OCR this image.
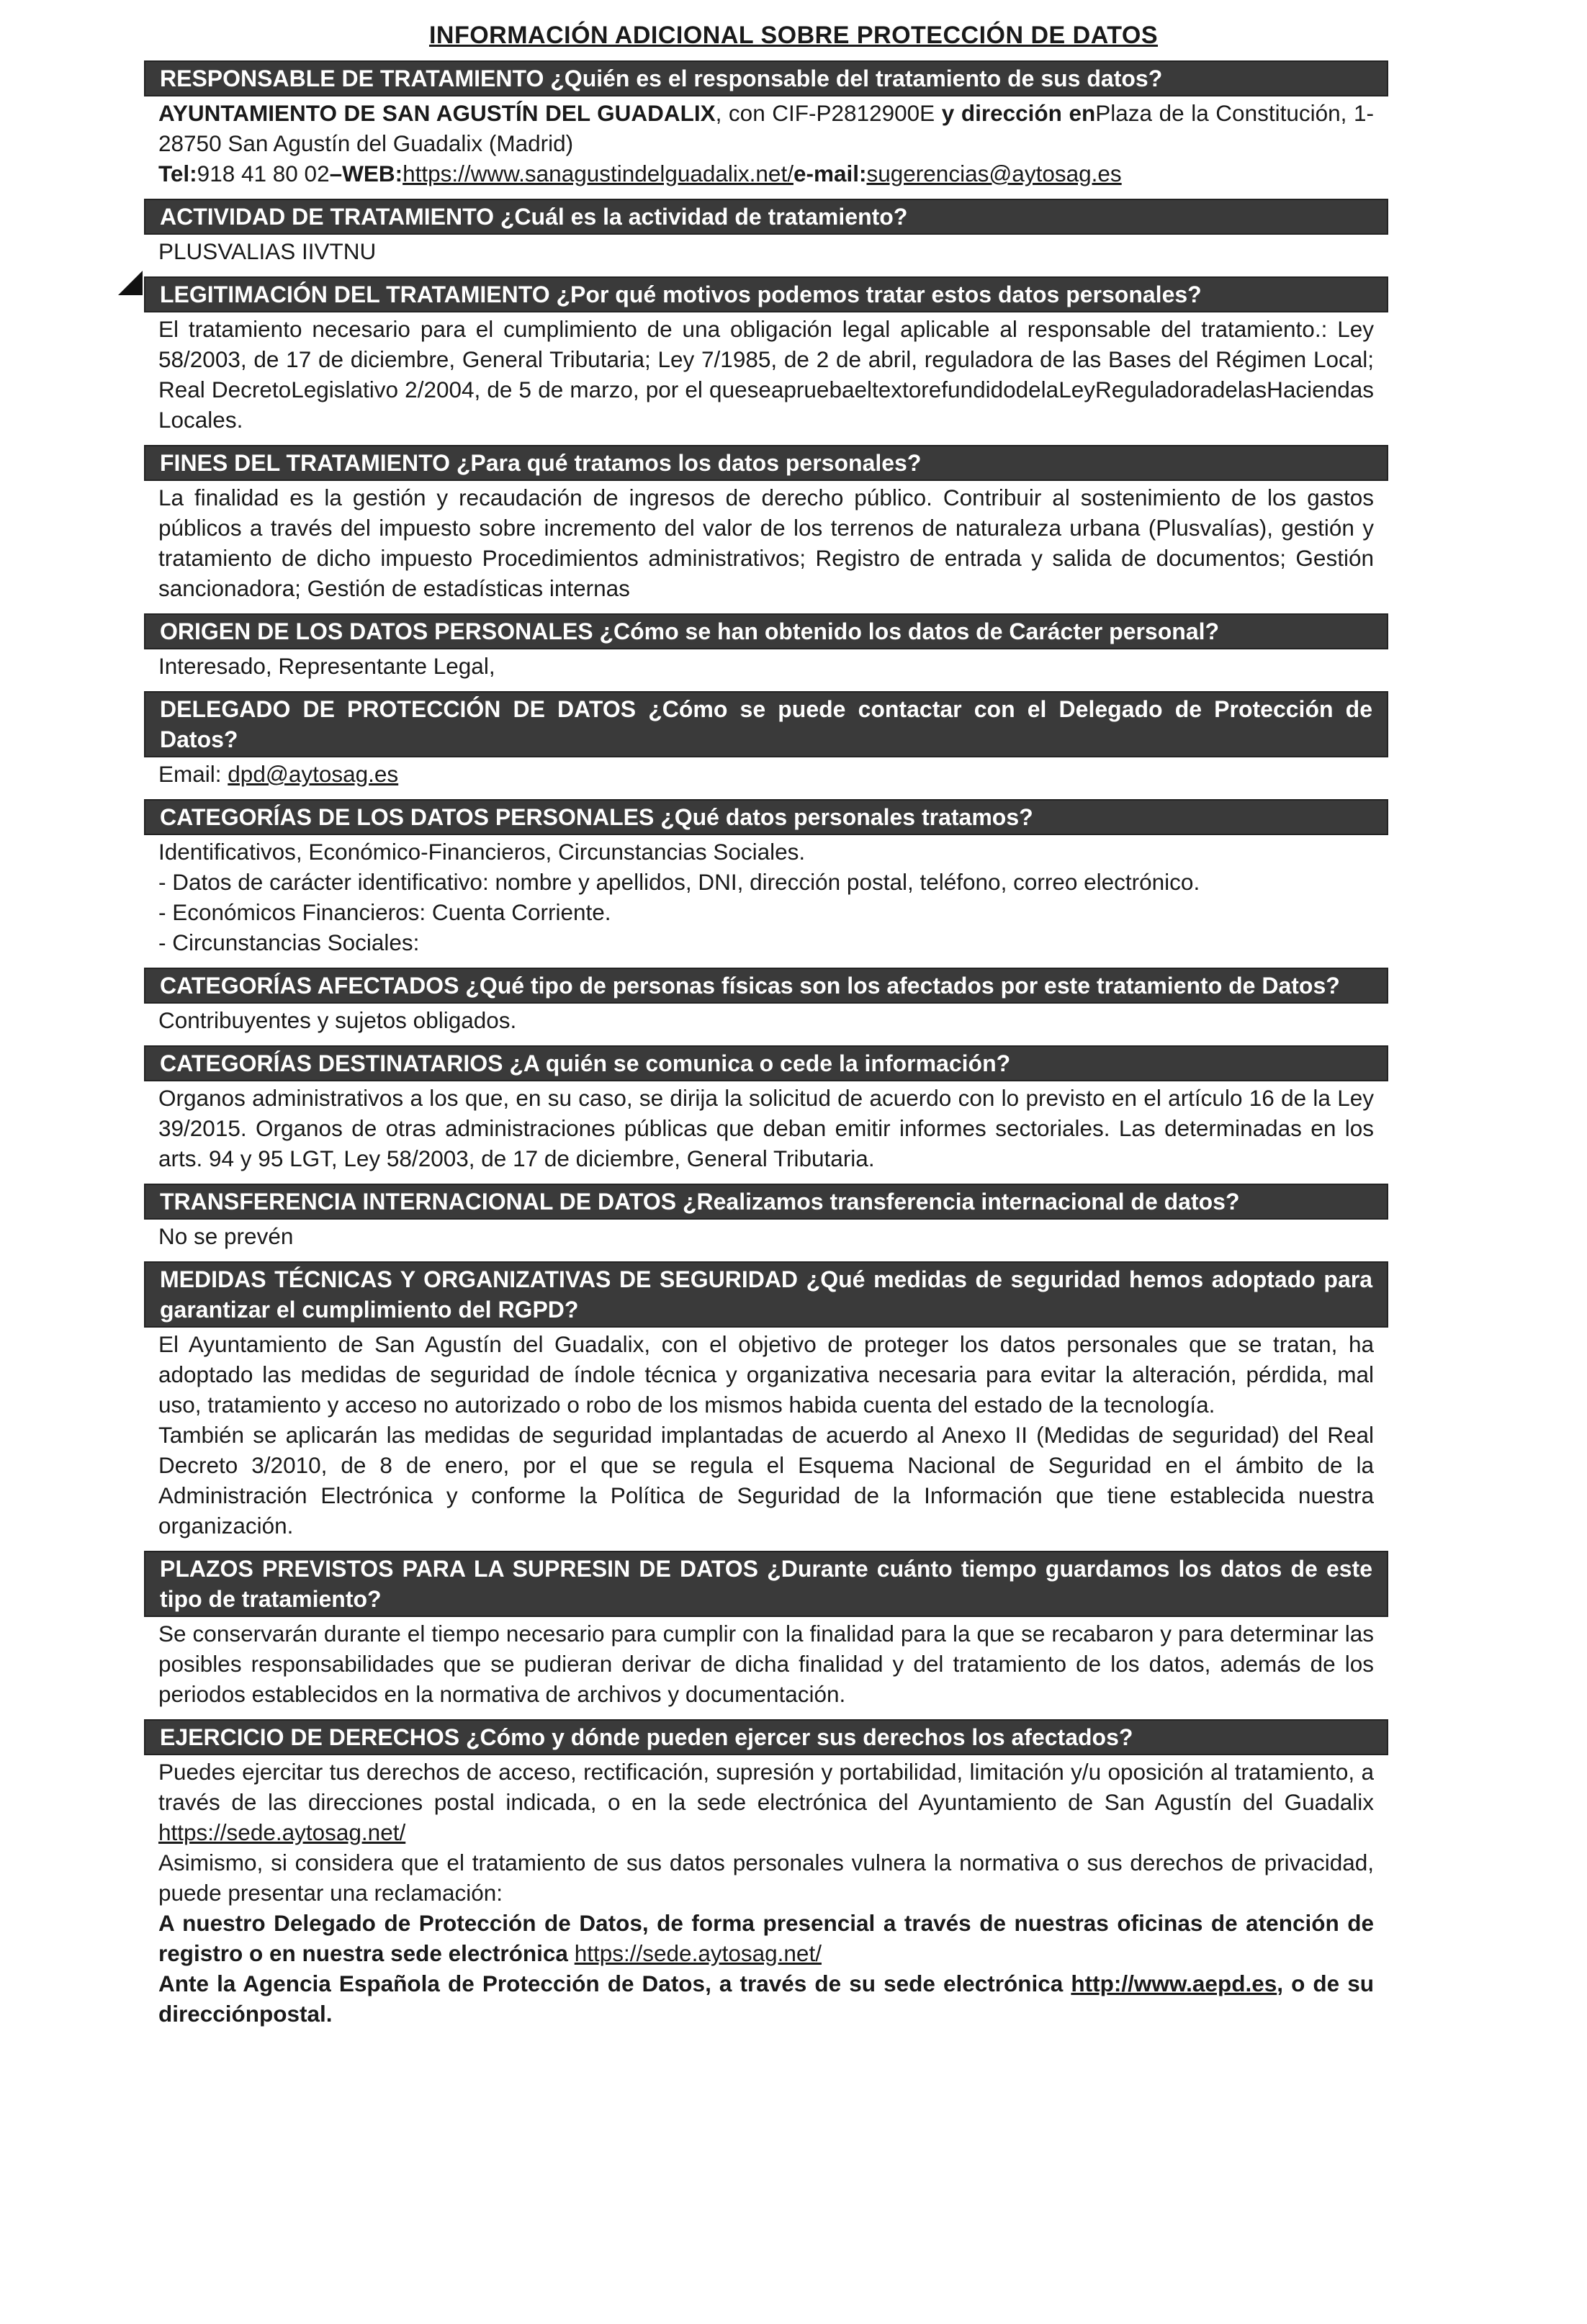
INFORMACIÓN ADICIONAL SOBRE PROTECCIÓN DE DATOS
RESPONSABLE DE TRATAMIENTO ¿Quién es el responsable del tratamiento de sus datos?

AYUNTAMIENTO DE SAN AGUSTÍN DEL GUADALIX, con CIF-P2812900E y dirección enPlaza de la Constitución, 1- 28750 San Agustín del Guadalix (Madrid)

Tel:918 41 80 02–WEB:https://www.sanagustindelguadalix.net/e-mail:sugerencias@aytosag.es

ACTIVIDAD DE TRATAMIENTO ¿Cuál es la actividad de tratamiento?

PLUSVALIAS IIVTNU

LEGITIMACIÓN DEL TRATAMIENTO ¿Por qué motivos podemos tratar estos datos personales?

El tratamiento necesario para el cumplimiento de una obligación legal aplicable al responsable del tratamiento.: Ley 58/2003, de 17 de diciembre, General Tributaria; Ley 7/1985, de 2 de abril, reguladora de las Bases del Régimen Local; Real DecretoLegislativo 2/2004, de 5 de marzo, por el queseapruebaeltextorefundidodelaLeyReguladoradelasHaciendas Locales.

FINES DEL TRATAMIENTO ¿Para qué tratamos los datos personales?

La finalidad es la gestión y recaudación de ingresos de derecho público. Contribuir al sostenimiento de los gastos públicos a través del impuesto sobre incremento del valor de los terrenos de naturaleza urbana (Plusvalías), gestión y tratamiento de dicho impuesto Procedimientos administrativos; Registro de entrada y salida de documentos; Gestión sancionadora; Gestión de estadísticas internas

ORIGEN DE LOS DATOS PERSONALES ¿Cómo se han obtenido los datos de Carácter personal?

Interesado, Representante Legal,

DELEGADO DE PROTECCIÓN DE DATOS ¿Cómo se puede contactar con el Delegado de Protección de Datos?

Email: dpd@aytosag.es

CATEGORÍAS DE LOS DATOS PERSONALES ¿Qué datos personales tratamos?

Identificativos, Económico-Financieros, Circunstancias Sociales.

- Datos de carácter identificativo: nombre y apellidos, DNI, dirección postal, teléfono, correo electrónico.

- Económicos Financieros: Cuenta Corriente.

- Circunstancias Sociales:

CATEGORÍAS AFECTADOS ¿Qué tipo de personas físicas son los afectados por este tratamiento de Datos?

Contribuyentes y sujetos obligados.

CATEGORÍAS DESTINATARIOS ¿A quién se comunica o cede la información?

Organos administrativos a los que, en su caso, se dirija la solicitud de acuerdo con lo previsto en el artículo 16 de la Ley 39/2015. Organos de otras administraciones públicas que deban emitir informes sectoriales. Las determinadas en los arts. 94 y 95 LGT, Ley 58/2003, de 17 de diciembre, General Tributaria.

TRANSFERENCIA INTERNACIONAL DE DATOS ¿Realizamos transferencia internacional de datos?

No se prevén

MEDIDAS TÉCNICAS Y ORGANIZATIVAS DE SEGURIDAD ¿Qué medidas de seguridad hemos adoptado para garantizar el cumplimiento del RGPD?

El Ayuntamiento de San Agustín del Guadalix, con el objetivo de proteger los datos personales que se tratan, ha adoptado las medidas de seguridad de índole técnica y organizativa necesaria para evitar la alteración, pérdida, mal uso, tratamiento y acceso no autorizado o robo de los mismos habida cuenta del estado de la tecnología.

También se aplicarán las medidas de seguridad implantadas de acuerdo al Anexo II (Medidas de seguridad) del Real Decreto 3/2010, de 8 de enero, por el que se regula el Esquema Nacional de Seguridad en el ámbito de la Administración Electrónica y conforme la Política de Seguridad de la Información que tiene establecida nuestra organización.

PLAZOS PREVISTOS PARA LA SUPRESIN DE DATOS ¿Durante cuánto tiempo guardamos los datos de este tipo de tratamiento?

Se conservarán durante el tiempo necesario para cumplir con la finalidad para la que se recabaron y para determinar las posibles responsabilidades que se pudieran derivar de dicha finalidad y del tratamiento de los datos, además de los periodos establecidos en la normativa de archivos y documentación.

EJERCICIO DE DERECHOS ¿Cómo y dónde pueden ejercer sus derechos los afectados?

Puedes ejercitar tus derechos de acceso, rectificación, supresión y portabilidad, limitación y/u oposición al tratamiento, a través de las direcciones postal indicada, o en la sede electrónica del Ayuntamiento de San Agustín del Guadalix https://sede.aytosag.net/

Asimismo, si considera que el tratamiento de sus datos personales vulnera la normativa o sus derechos de privacidad, puede presentar una reclamación:

A nuestro Delegado de Protección de Datos, de forma presencial a través de nuestras oficinas de atención de registro o en nuestra sede electrónica https://sede.aytosag.net/

Ante la Agencia Española de Protección de Datos, a través de su sede electrónica http://www.aepd.es, o de su direcciónpostal.
